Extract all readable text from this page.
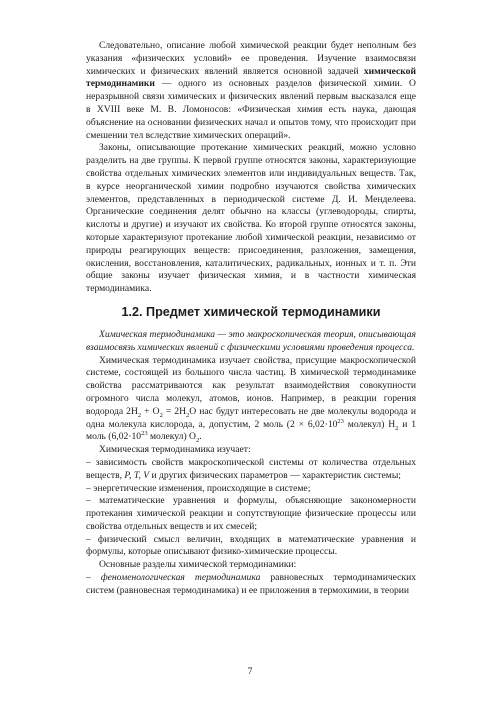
Следовательно, описание любой химической реакции будет неполным без указания «физических условий» ее проведения. Изучение взаимосвязи химических и физических явлений является основной задачей химической термодинамики — одного из основных разделов физической химии. О неразрывной связи химических и физических явлений первым высказался еще в XVIII веке М. В. Ломоносов: «Физическая химия есть наука, дающая объяснение на основании физических начал и опытов тому, что происходит при смешении тел вследствие химических операций».

Законы, описывающие протекание химических реакций, можно условно разделить на две группы. К первой группе относятся законы, характеризующие свойства отдельных химических элементов или индивидуальных веществ. Так, в курсе неорганической химии подробно изучаются свойства химических элементов, представленных в периодической системе Д. И. Менделеева. Органические соединения делят обычно на классы (углеводороды, спирты, кислоты и другие) и изучают их свойства. Ко второй группе относятся законы, которые характеризуют протекание любой химической реакции, независимо от природы реагирующих веществ: присоединения, разложения, замещения, окисления, восстановления, каталитических, радикальных, ионных и т. п. Эти общие законы изучает физическая химия, и в частности химическая термодинамика.

1.2. Предмет химической термодинамики

Химическая термодинамика — это макроскопическая теория, описывающая взаимосвязь химических явлений с физическими условиями проведения процесса.

Химическая термодинамика изучает свойства, присущие макроскопической системе, состоящей из большого числа частиц. В химической термодинамике свойства рассматриваются как результат взаимодействия совокупности огромного числа молекул, атомов, ионов. Например, в реакции горения водорода $2H_2 + O_2 = 2H_2O$ нас будут интересовать не две молекулы водорода и одна молекула кислорода, а, допустим, 2 моль ($2 \times 6,02\cdot 10^{23}$ молекул) $H_2$ и 1 моль ($6,02\cdot 10^{23}$ молекул) $O_2$.

Химическая термодинамика изучает:

– зависимость свойств макроскопической системы от количества отдельных веществ, P, T, V и других физических параметров — характеристик системы;

– энергетические изменения, происходящие в системе;

– математические уравнения и формулы, объясняющие закономерности протекания химической реакции и сопутствующие физические процессы или свойства отдельных веществ и их смесей;

– физический смысл величин, входящих в математические уравнения и формулы, которые описывают физико-химические процессы.

Основные разделы химической термодинамики:

– феноменологическая термодинамика равновесных термодинамических систем (равновесная термодинамика) и ее приложения в термохимии, в теории

7
